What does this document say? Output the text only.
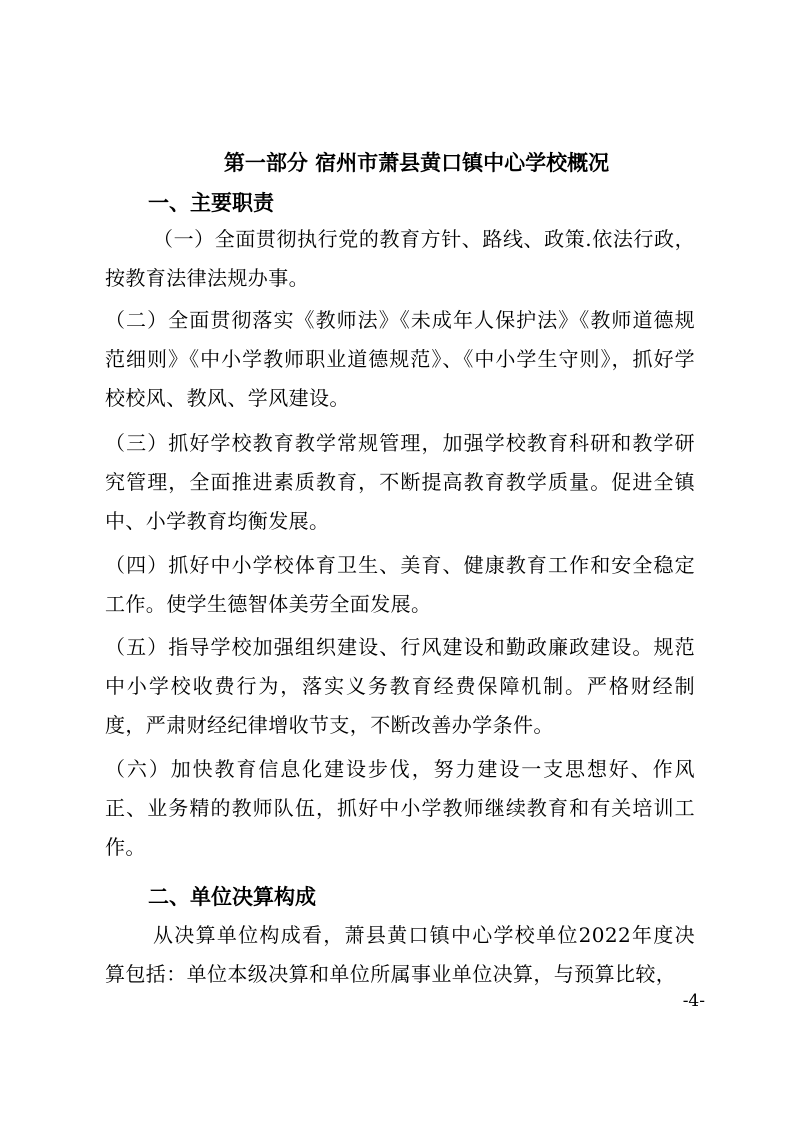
第一部分 宿州市萧县黄口镇中心学校概况
一、主要职责

（一）全面贯彻执行党的教育方针、路线、政策.依法行政，按教育法律法规办事。

（二）全面贯彻落实《教师法》《未成年人保护法》《教师道德规范细则》《中小学教师职业道德规范》、《中小学生守则》，抓好学校校风、教风、学风建设。

（三）抓好学校教育教学常规管理，加强学校教育科研和教学研究管理，全面推进素质教育，不断提高教育教学质量。促进全镇中、小学教育均衡发展。

（四）抓好中小学校体育卫生、美育、健康教育工作和安全稳定工作。使学生德智体美劳全面发展。

（五）指导学校加强组织建设、行风建设和勤政廉政建设。规范中小学校收费行为，落实义务教育经费保障机制。严格财经制度，严肃财经纪律增收节支，不断改善办学条件。

（六）加快教育信息化建设步伐，努力建设一支思想好、作风正、业务精的教师队伍，抓好中小学教师继续教育和有关培训工作。

二、单位决算构成

从决算单位构成看，萧县黄口镇中心学校单位2022年度决算包括：单位本级决算和单位所属事业单位决算，与预算比较，

-4-
